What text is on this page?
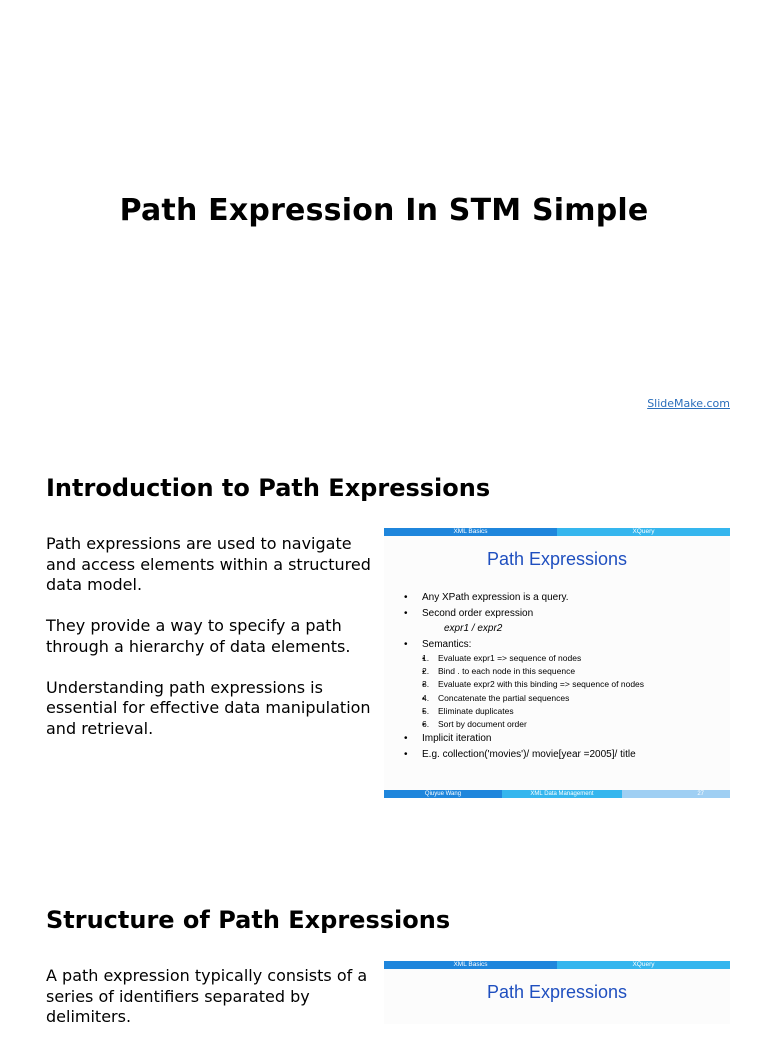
Path Expression In STM Simple
SlideMake.com
Introduction to Path Expressions

Path expressions are used to navigate and access elements within a structured data model.

They provide a way to specify a path through a hierarchy of data elements.

Understanding path expressions is essential for effective data manipulation and retrieval.

XML Basics	XQuery
Path Expressions
• Any XPath expression is a query.
• Second order expression
expr1 / expr2
• Semantics:
• 1. Evaluate expr1 => sequence of nodes
• 2. Bind . to each node in this sequence
• 3. Evaluate expr2 with this binding => sequence of nodes
• 4. Concatenate the partial sequences
• 5. Eliminate duplicates
• 6. Sort by document order
• Implicit iteration
• E.g. collection('movies')/ movie[year =2005]/ title
Qiuyue Wang	XML Data Management	27
Structure of Path Expressions

A path expression typically consists of a series of identifiers separated by delimiters.

XML Basics	XQuery
Path Expressions
